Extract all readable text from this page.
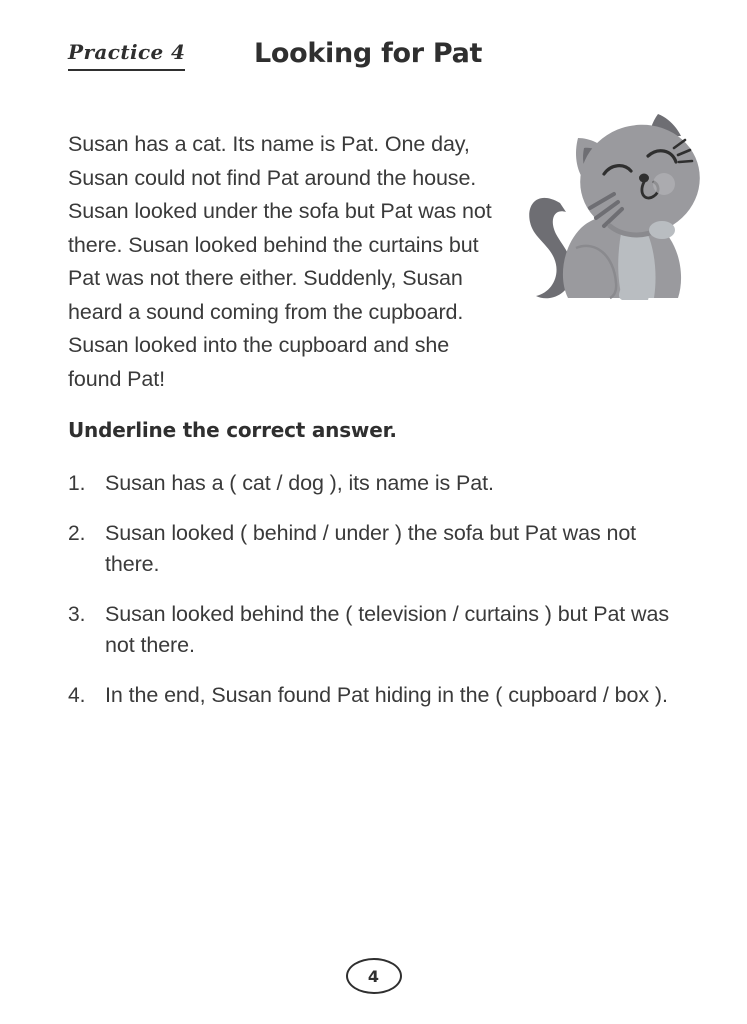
Practice 4	Looking for Pat
Susan has a cat. Its name is Pat. One day, Susan could not find Pat around the house. Susan looked under the sofa but Pat was not there. Susan looked behind the curtains but Pat was not there either. Suddenly, Susan heard a sound coming from the cupboard. Susan looked into the cupboard and she found Pat!
Underline the correct answer.
1. Susan has a ( cat / dog ), its name is Pat.
2. Susan looked ( behind / under ) the sofa but Pat was not there.
3. Susan looked behind the ( television / curtains ) but Pat was not there.
4. In the end, Susan found Pat hiding in the ( cupboard / box ).
4
